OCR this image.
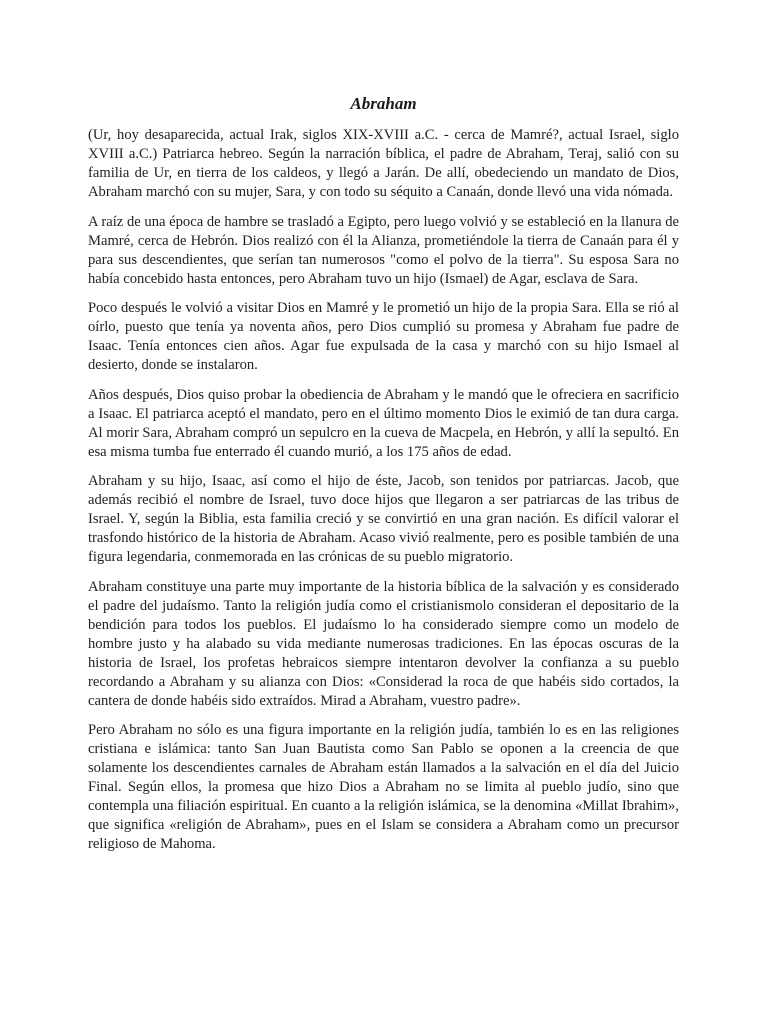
Abraham

(Ur, hoy desaparecida, actual Irak, siglos XIX-XVIII a.C. - cerca de Mamré?, actual Israel, siglo XVIII a.C.) Patriarca hebreo. Según la narración bíblica, el padre de Abraham, Teraj, salió con su familia de Ur, en tierra de los caldeos, y llegó a Jarán. De allí, obedeciendo un mandato de Dios, Abraham marchó con su mujer, Sara, y con todo su séquito a Canaán, donde llevó una vida nómada.

A raíz de una época de hambre se trasladó a Egipto, pero luego volvió y se estableció en la llanura de Mamré, cerca de Hebrón. Dios realizó con él la Alianza, prometiéndole la tierra de Canaán para él y para sus descendientes, que serían tan numerosos "como el polvo de la tierra". Su esposa Sara no había concebido hasta entonces, pero Abraham tuvo un hijo (Ismael) de Agar, esclava de Sara.

Poco después le volvió a visitar Dios en Mamré y le prometió un hijo de la propia Sara. Ella se rió al oírlo, puesto que tenía ya noventa años, pero Dios cumplió su promesa y Abraham fue padre de Isaac. Tenía entonces cien años. Agar fue expulsada de la casa y marchó con su hijo Ismael al desierto, donde se instalaron.

Años después, Dios quiso probar la obediencia de Abraham y le mandó que le ofreciera en sacrificio a Isaac. El patriarca aceptó el mandato, pero en el último momento Dios le eximió de tan dura carga. Al morir Sara, Abraham compró un sepulcro en la cueva de Macpela, en Hebrón, y allí la sepultó. En esa misma tumba fue enterrado él cuando murió, a los 175 años de edad.

Abraham y su hijo, Isaac, así como el hijo de éste, Jacob, son tenidos por patriarcas. Jacob, que además recibió el nombre de Israel, tuvo doce hijos que llegaron a ser patriarcas de las tribus de Israel. Y, según la Biblia, esta familia creció y se convirtió en una gran nación. Es difícil valorar el trasfondo histórico de la historia de Abraham. Acaso vivió realmente, pero es posible también de una figura legendaria, conmemorada en las crónicas de su pueblo migratorio.

Abraham constituye una parte muy importante de la historia bíblica de la salvación y es considerado el padre del judaísmo. Tanto la religión judía como el cristianismolo consideran el depositario de la bendición para todos los pueblos. El judaísmo lo ha considerado siempre como un modelo de hombre justo y ha alabado su vida mediante numerosas tradiciones. En las épocas oscuras de la historia de Israel, los profetas hebraicos siempre intentaron devolver la confianza a su pueblo recordando a Abraham y su alianza con Dios: «Considerad la roca de que habéis sido cortados, la cantera de donde habéis sido extraídos. Mirad a Abraham, vuestro padre».

Pero Abraham no sólo es una figura importante en la religión judía, también lo es en las religiones cristiana e islámica: tanto San Juan Bautista como San Pablo se oponen a la creencia de que solamente los descendientes carnales de Abraham están llamados a la salvación en el día del Juicio Final. Según ellos, la promesa que hizo Dios a Abraham no se limita al pueblo judío, sino que contempla una filiación espiritual. En cuanto a la religión islámica, se la denomina «Millat Ibrahim», que significa «religión de Abraham», pues en el Islam se considera a Abraham como un precursor religioso de Mahoma.
